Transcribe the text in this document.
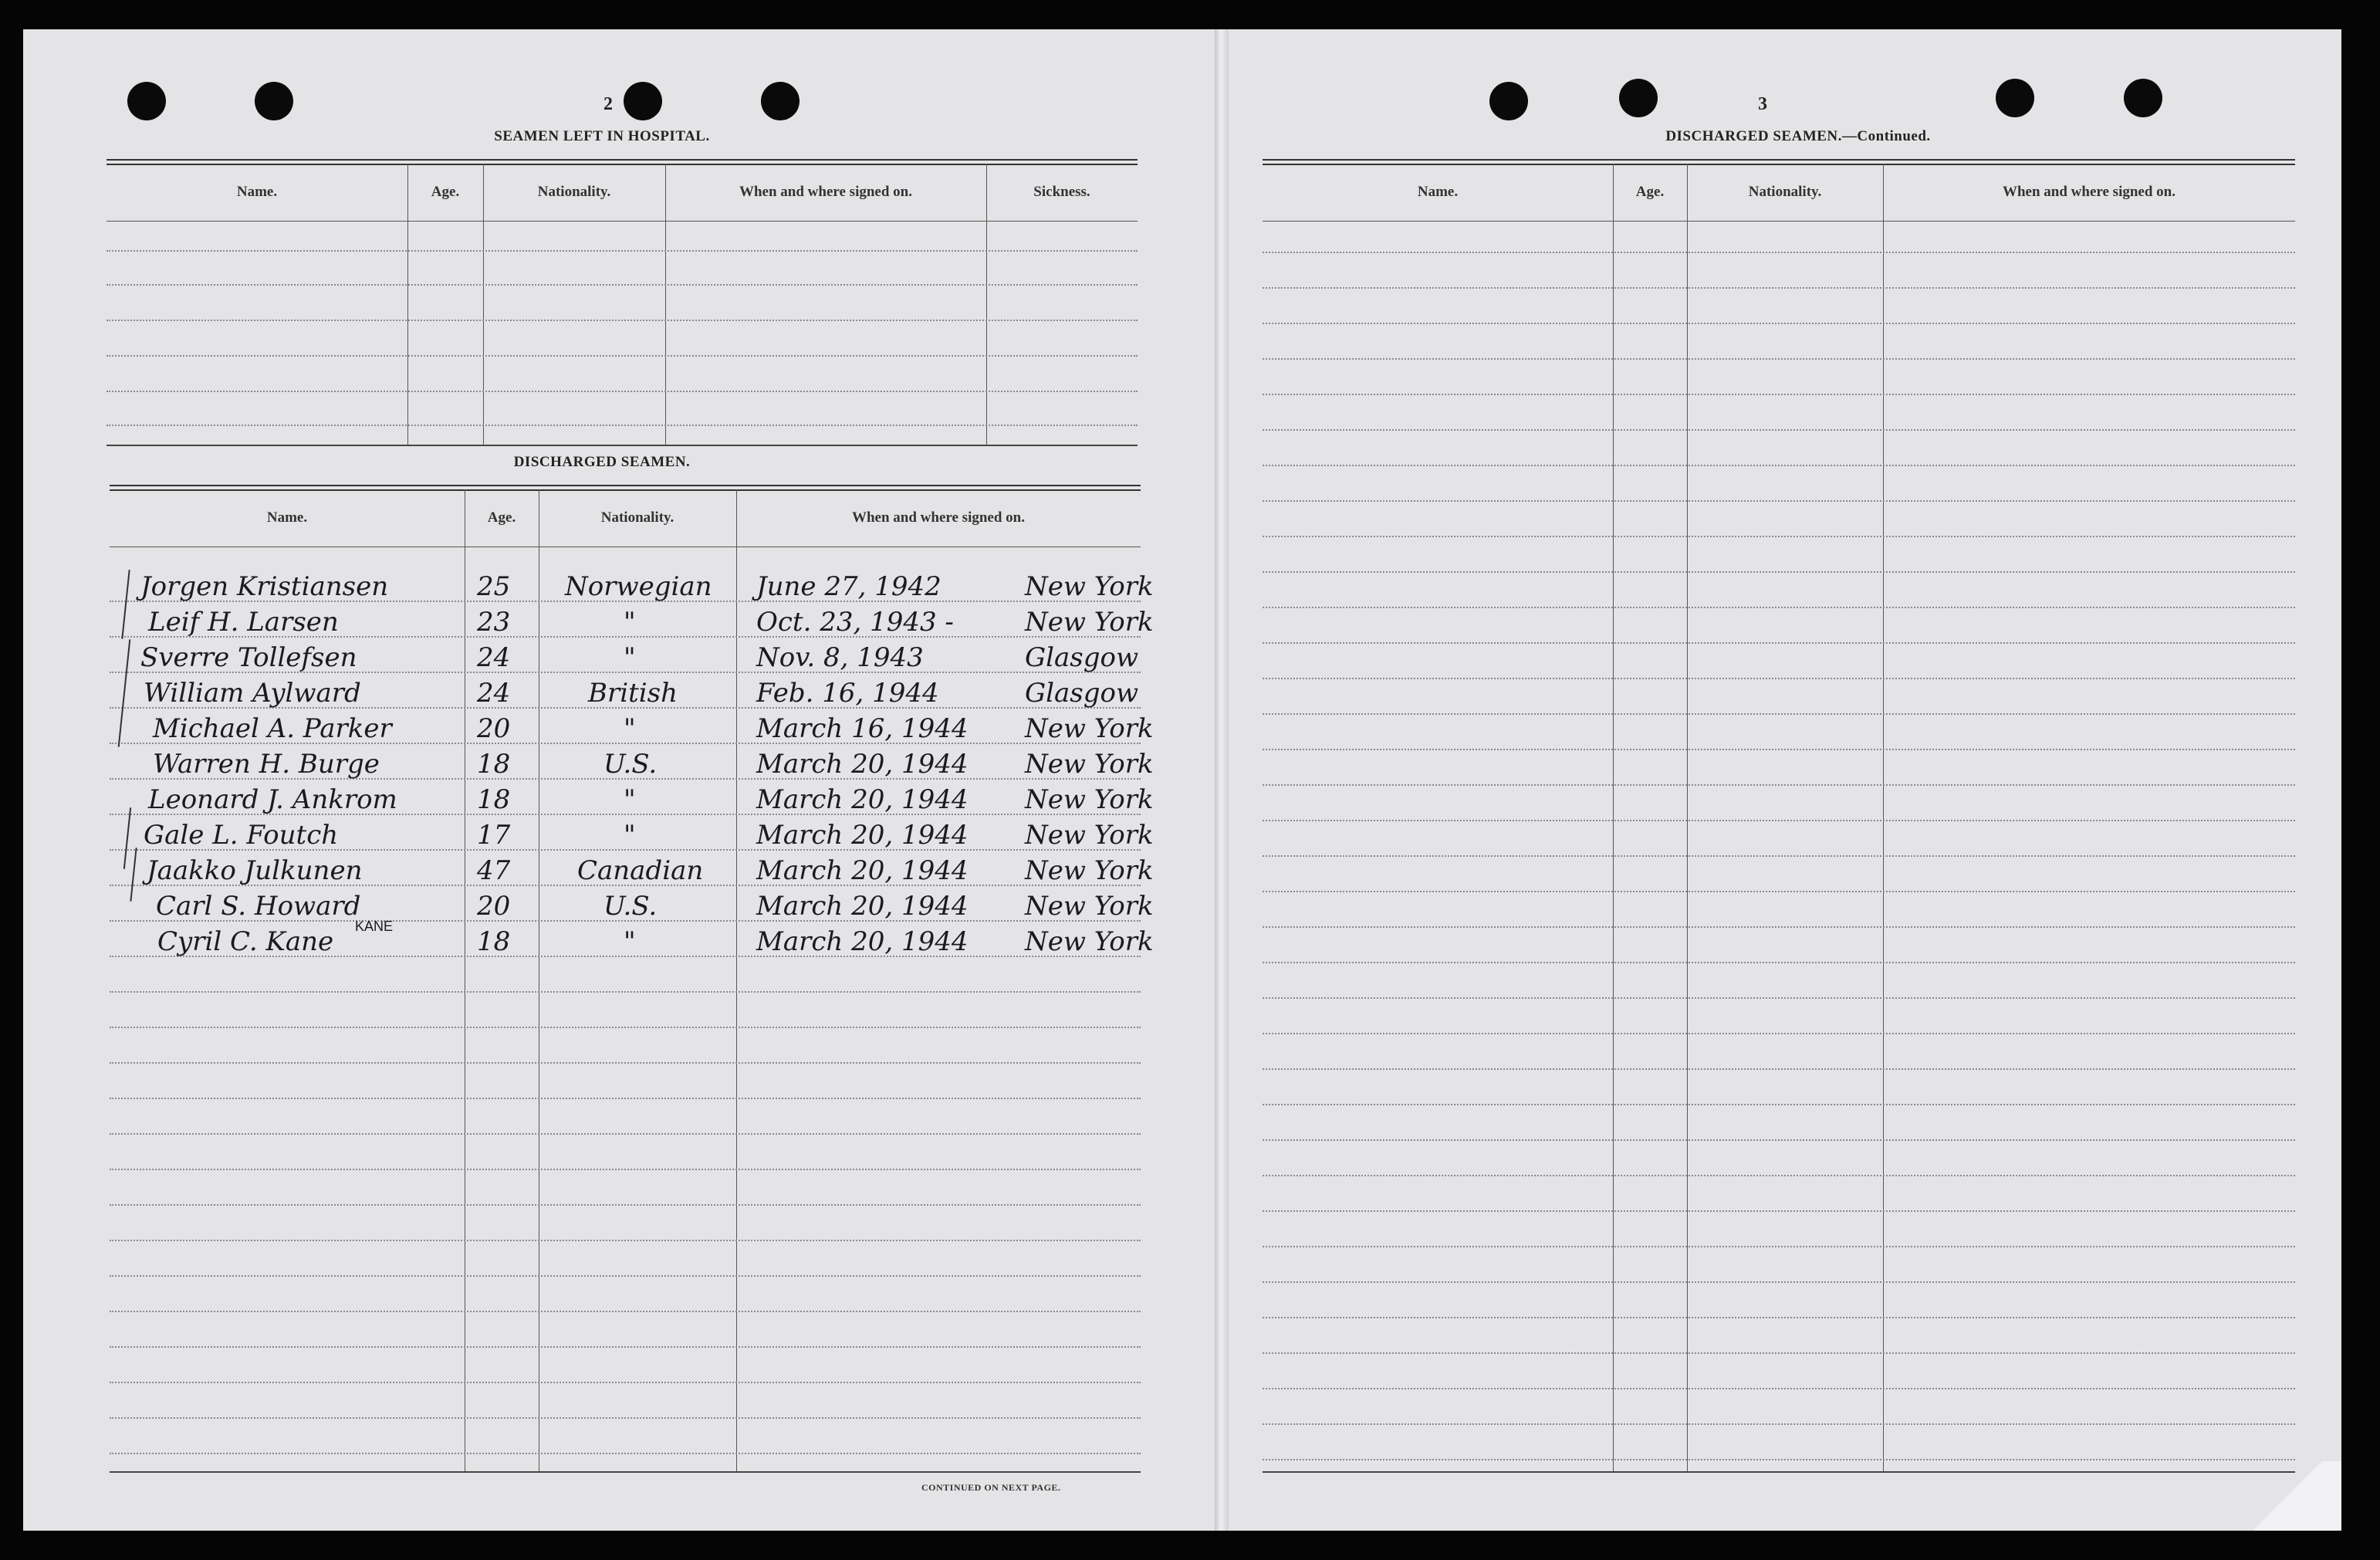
2
SEAMEN LEFT IN HOSPITAL.
Name.	Age.	Nationality.	When and where signed on.	Sickness.
DISCHARGED SEAMEN.
Name.	Age.	Nationality.	When and where signed on.
Jorgen Kristiansen	25 Norwegian June 27, 1942	New York
Leif H. Larsen	23	"	Oct. 23, 1943 -	New York
Sverre Tollefsen	24	"	Nov. 8, 1943	Glasgow
William Aylward	24	British	Feb. 16, 1944	Glasgow
Michael A. Parker	20	"	March 16, 1944 New York
Warren H. Burge	18	U.S.	March 20, 1944 New York
Leonard J. Ankrom	18	"	March 20, 1944 New York
Gale L. Foutch	17	"	March 20, 1944 New York
Jaakko Julkunen	47	Canadian March 20, 1944 New York
Carl S. Howard	20	U.S.	March 20, 1944 New York
Cyril C. Kane KANE	18	"	March 20, 1944 New York
CONTINUED ON NEXT PAGE.
3
DISCHARGED SEAMEN.—Continued.
Name.	Age.	Nationality.	When and where signed on.
